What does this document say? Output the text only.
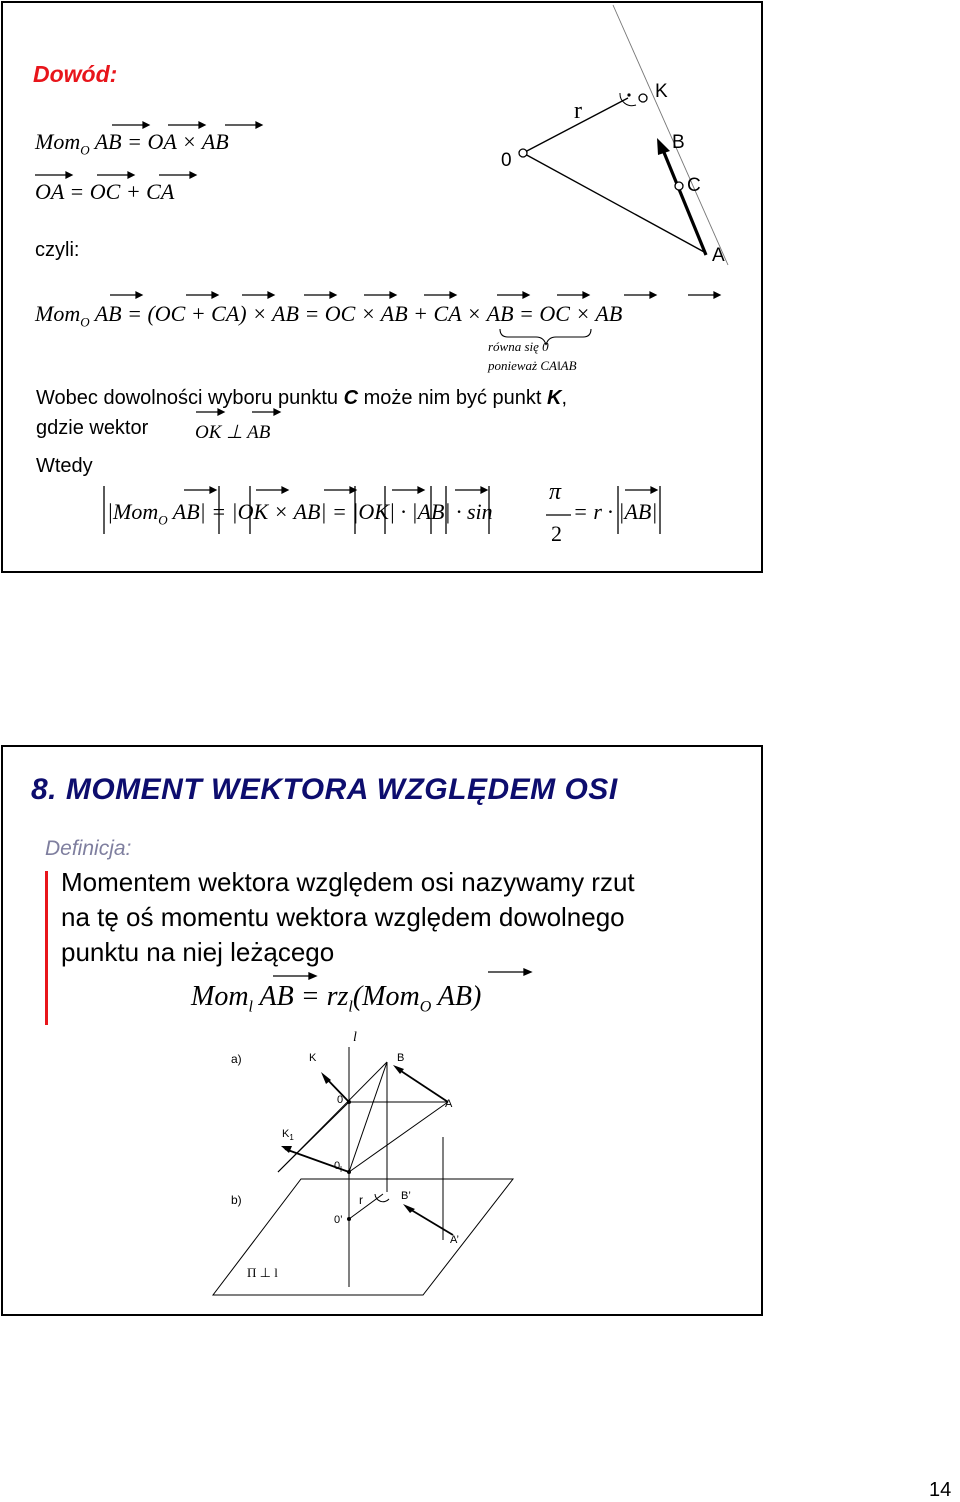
Dowód:
Mom$_O$ AB = OA × AB
OA = OC + CA
czyli:
Mom$_O$ AB = (OC + CA) × AB = OC × AB + CA × AB = OC × AB
równa się 0
ponieważ CA‖AB
Wobec dowolności wyboru punktu C może nim być punkt K,
gdzie wektor OK ⊥ AB
Wtedy
|Mom$_O$ AB| = |OK × AB| = |OK| · |AB| · sin
π
2
= r · |AB|
0
r
K
B
C
A
8. MOMENT WEKTORA WZGLĘDEM OSI
Definicja:
Momentem wektora względem osi nazywamy rzut
na tę oś momentu wektora względem dowolnego
punktu na niej leżącego
Mom$_l$ AB = $rz_l(Mom_O$ AB)
a)
b)
l
K	B
0	A
$K_1$
$0_l$
r	B’
0’
A’
Π ⊥ l
14
